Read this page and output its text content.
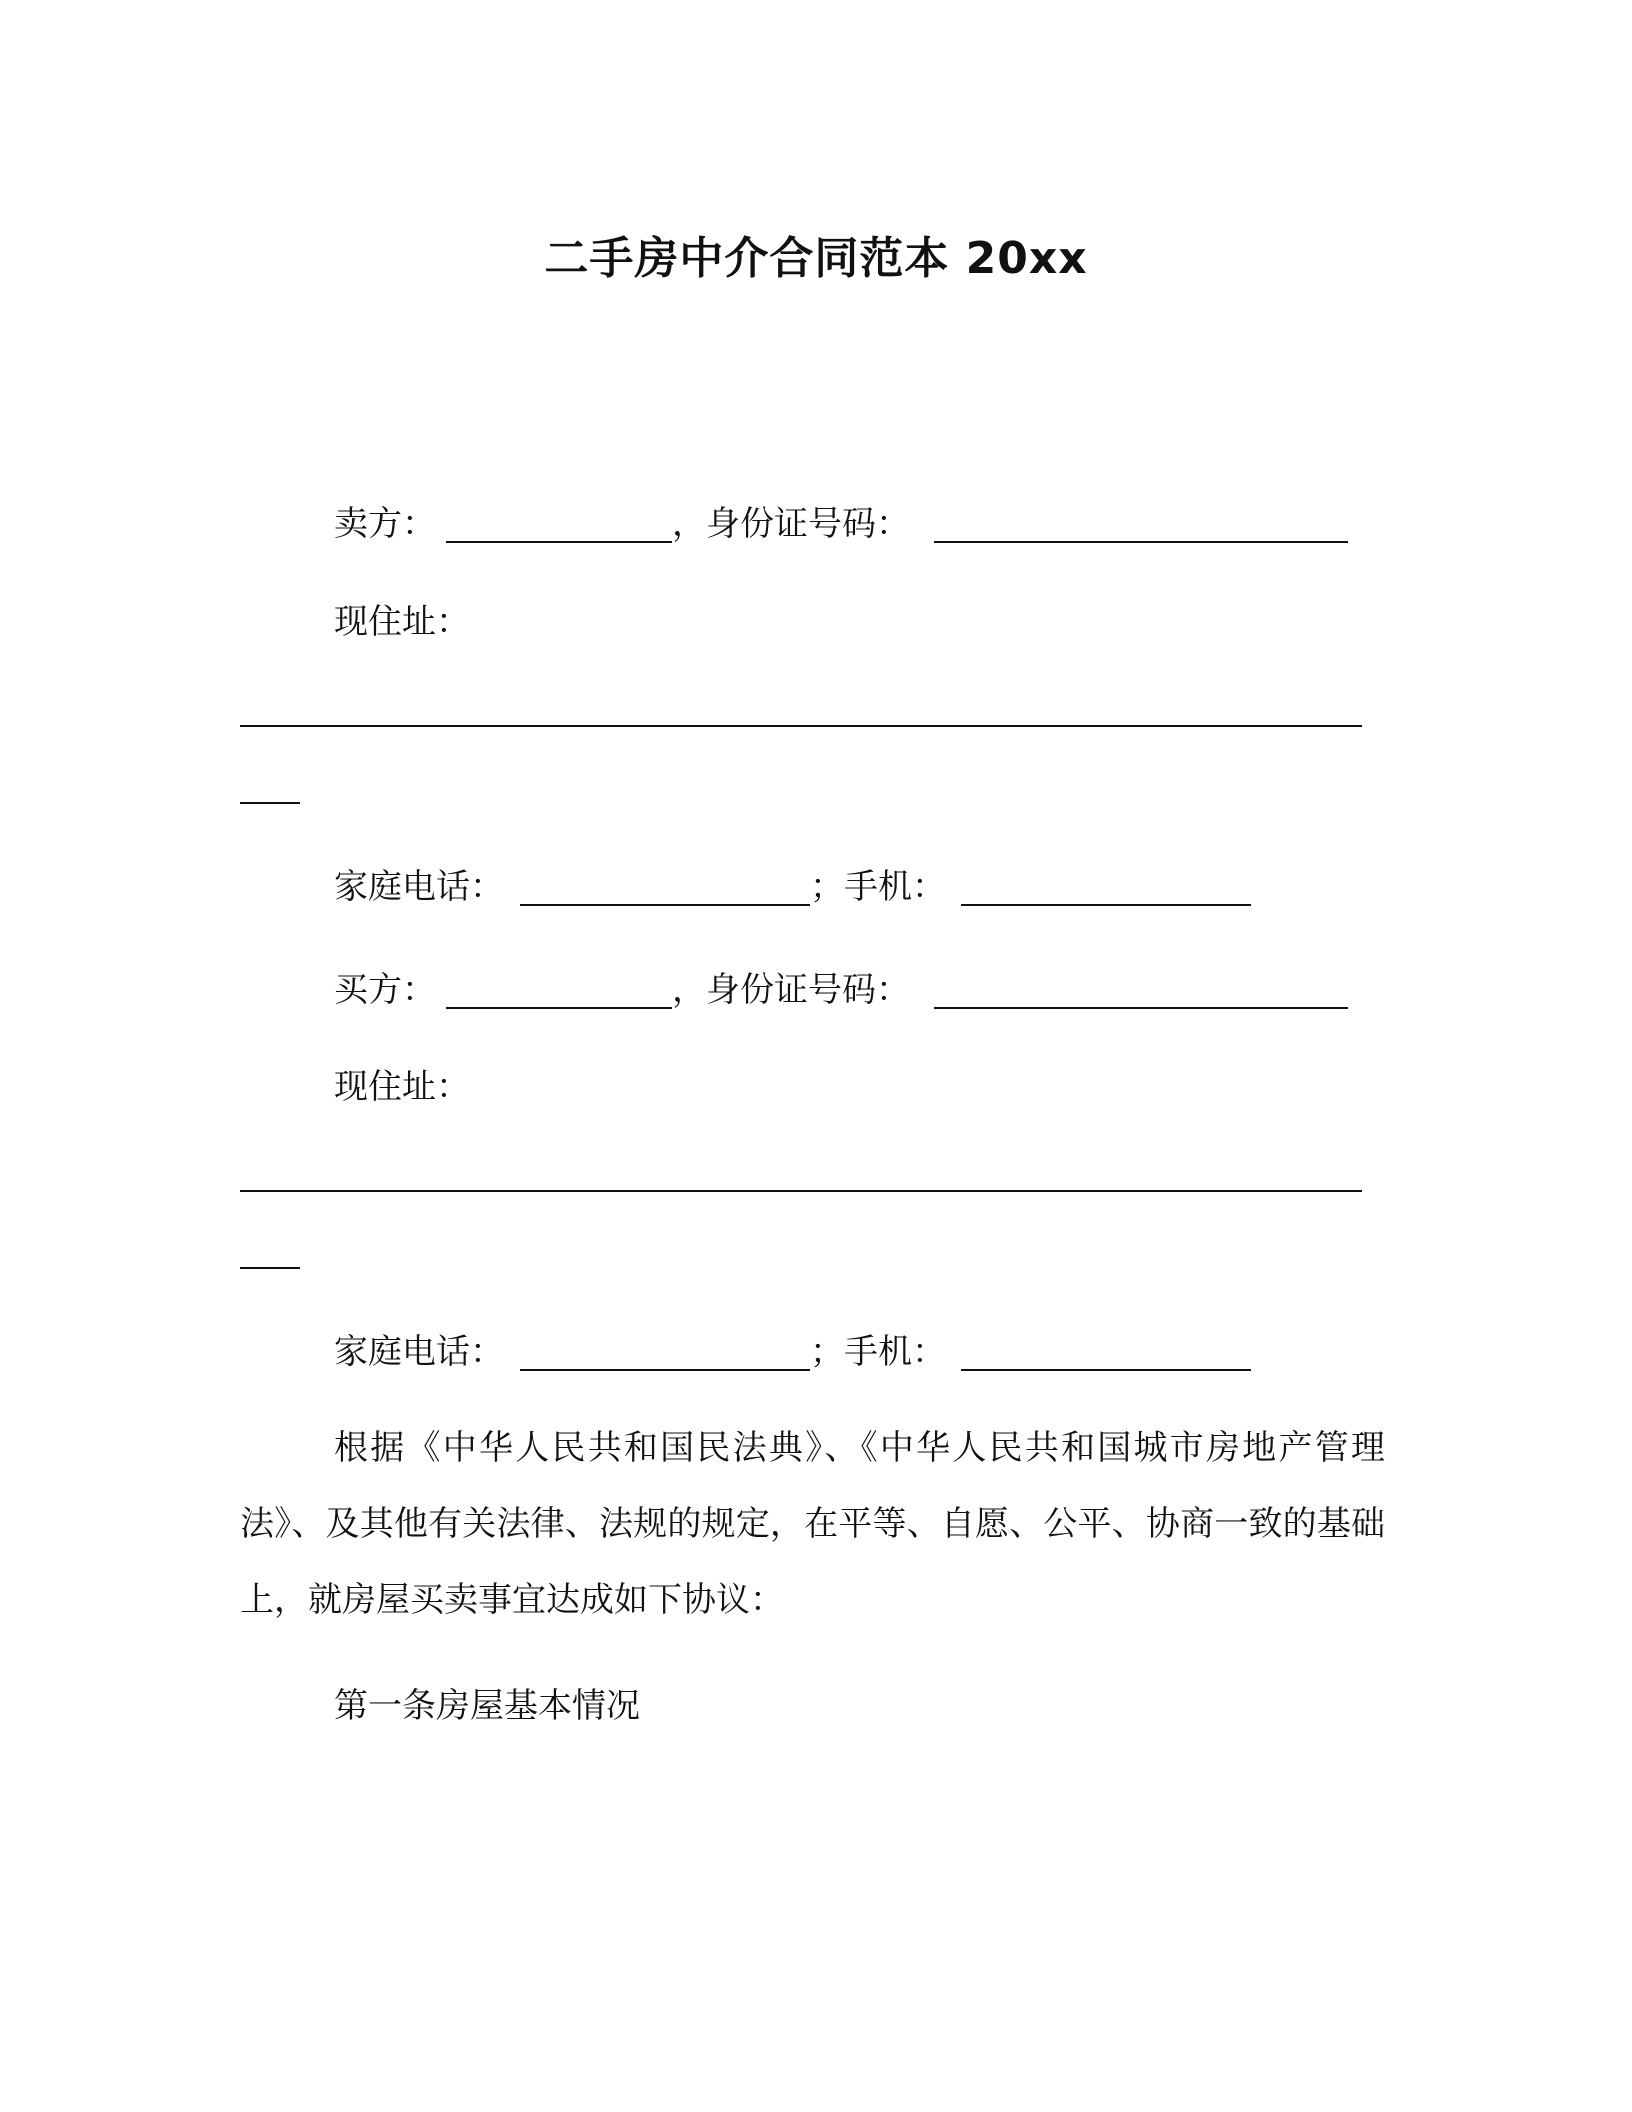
二手房中介合同范本 20xx
卖方：	，身份证号码：
现住址：
家庭电话：	；手机：
买方：	，身份证号码：
现住址：
家庭电话：	；手机：
根据《中华人民共和国民法典》、《中华人民共和国城市房地产管理法》、及其他有关法律、法规的规定，在平等、自愿、公平、协商一致的基础上，就房屋买卖事宜达成如下协议：
第一条房屋基本情况
